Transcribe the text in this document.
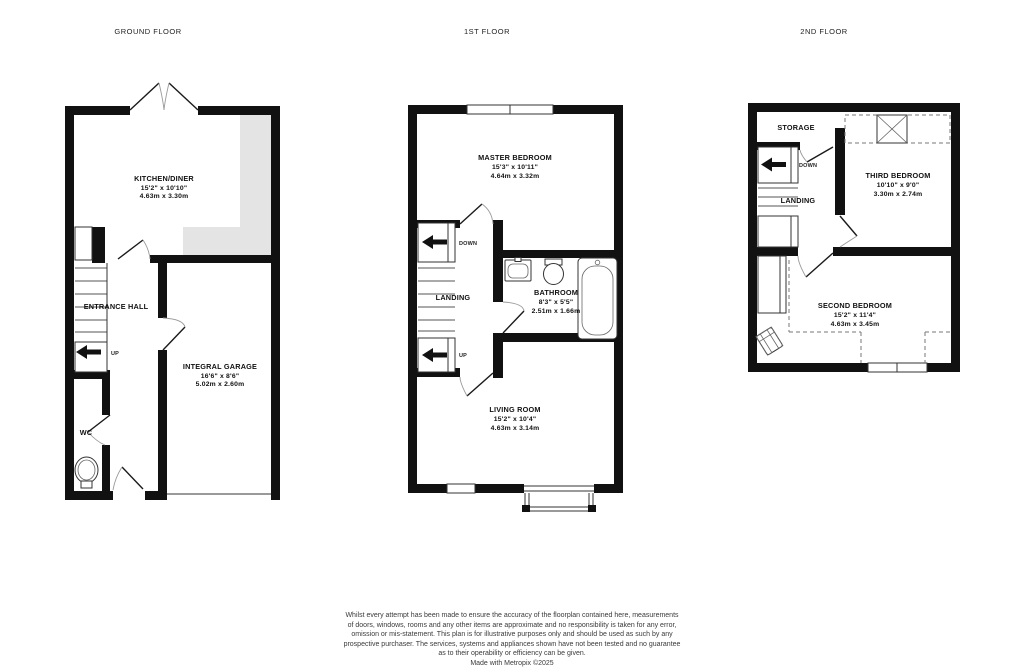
GROUND FLOOR	1ST FLOOR	2ND FLOOR
KITCHEN/DINER
15'2" x 10'10"
4.63m x 3.30m
ENTRANCE HALL
INTEGRAL GARAGE
16'6" x 8'6"
5.02m x 2.60m
WC
UP
MASTER BEDROOM
15'3" x 10'11"
4.64m x 3.32m
DOWN
LANDING
UP
BATHROOM
8'3" x 5'5"
2.51m x 1.66m
LIVING ROOM
15'2" x 10'4"
4.63m x 3.14m
STORAGE
DOWN
LANDING
THIRD BEDROOM
10'10" x 9'0"
3.30m x 2.74m
SECOND BEDROOM
15'2" x 11'4"
4.63m x 3.45m
Whilst every attempt has been made to ensure the accuracy of the floorplan contained here, measurements
of doors, windows, rooms and any other items are approximate and no responsibility is taken for any error,
omission or mis-statement. This plan is for illustrative purposes only and should be used as such by any
prospective purchaser. The services, systems and appliances shown have not been tested and no guarantee
as to their operability or efficiency can be given.
Made with Metropix ©2025
